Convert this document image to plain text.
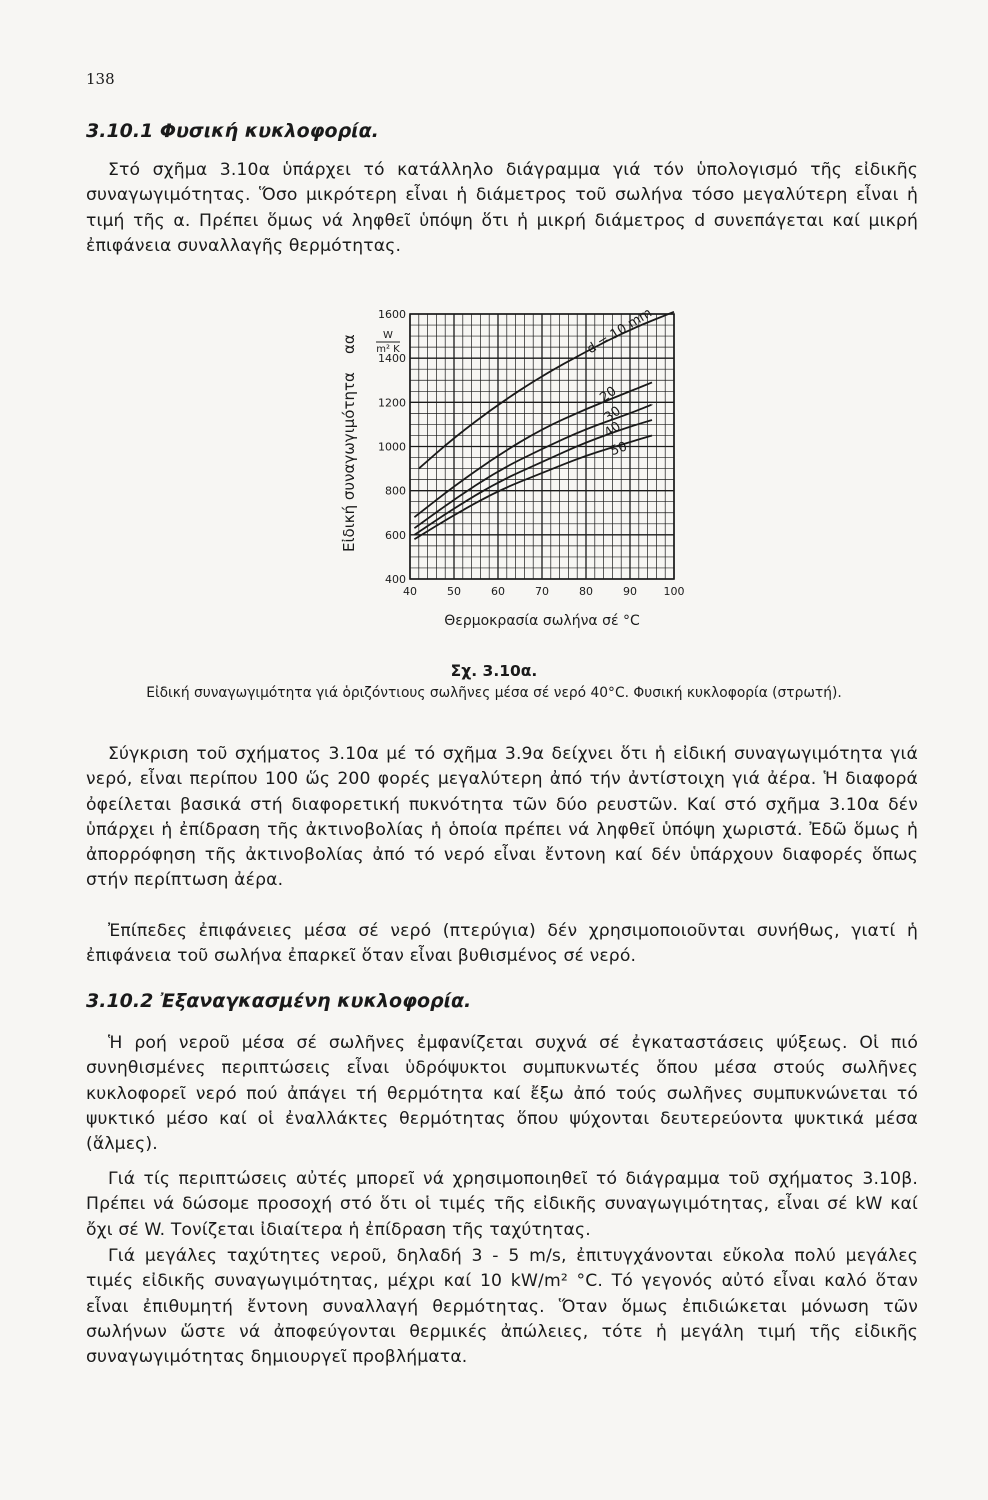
138
3.10.1 Φυσική κυκλοφορία.

Στό σχῆμα 3.10α ὑπάρχει τό κατάλληλο διάγραμμα γιά τόν ὑπολογισμό τῆς εἰδικῆς συναγωγιμότητας. Ὅσο μικρότερη εἶναι ἡ διάμετρος τοῦ σωλήνα τόσο μεγαλύτερη εἶναι ἡ τιμή τῆς α. Πρέπει ὅμως νά ληφθεῖ ὑπόψη ὅτι ἡ μικρή διάμετρος d συνεπάγεται καί μικρή ἐπιφάνεια συναλλαγῆς θερμότητας.

d = 10 mm
20
30
40
50
400
600
800
1000
1200
1400
1600
40	50	60	70	80	90 100
W
m² K
Εἰδική συναγωγιμότητα
αα
Θερμοκρασία σωλήνα σέ °C
Σχ. 3.10α.
Εἰδική συναγωγιμότητα γιά ὁριζόντιους σωλῆνες μέσα σέ νερό 40°C. Φυσική κυκλοφορία (στρωτή).

Σύγκριση τοῦ σχήματος 3.10α μέ τό σχῆμα 3.9α δείχνει ὅτι ἡ εἰδική συναγωγιμότητα γιά νερό, εἶναι περίπου 100 ὥς 200 φορές μεγαλύτερη ἀπό τήν ἀντίστοιχη γιά ἀέρα. Ἡ διαφορά ὀφείλεται βασικά στή διαφορετική πυκνότητα τῶν δύο ρευστῶν. Καί στό σχῆμα 3.10α δέν ὑπάρχει ἡ ἐπίδραση τῆς ἀκτινοβολίας ἡ ὁποία πρέπει νά ληφθεῖ ὑπόψη χωριστά. Ἐδῶ ὅμως ἡ ἀπορρόφηση τῆς ἀκτινοβολίας ἀπό τό νερό εἶναι ἔντονη καί δέν ὑπάρχουν διαφορές ὅπως στήν περίπτωση ἀέρα.

Ἐπίπεδες ἐπιφάνειες μέσα σέ νερό (πτερύγια) δέν χρησιμοποιοῦνται συνήθως, γιατί ἡ ἐπιφάνεια τοῦ σωλήνα ἐπαρκεῖ ὅταν εἶναι βυθισμένος σέ νερό.

3.10.2 Ἐξαναγκασμένη κυκλοφορία.

Ἡ ροή νεροῦ μέσα σέ σωλῆνες ἐμφανίζεται συχνά σέ ἐγκαταστάσεις ψύξεως. Οἱ πιό συνηθισμένες περιπτώσεις εἶναι ὑδρόψυκτοι συμπυκνωτές ὅπου μέσα στούς σωλῆνες κυκλοφορεῖ νερό πού ἀπάγει τή θερμότητα καί ἔξω ἀπό τούς σωλῆνες συμπυκνώνεται τό ψυκτικό μέσο καί οἱ ἐναλλάκτες θερμότητας ὅπου ψύχονται δευτερεύοντα ψυκτικά μέσα (ἅλμες).

Γιά τίς περιπτώσεις αὐτές μπορεῖ νά χρησιμοποιηθεῖ τό διάγραμμα τοῦ σχήματος 3.10β. Πρέπει νά δώσομε προσοχή στό ὅτι οἱ τιμές τῆς εἰδικῆς συναγωγιμότητας, εἶναι σέ kW καί ὄχι σέ W. Τονίζεται ἰδιαίτερα ἡ ἐπίδραση τῆς ταχύτητας.

Γιά μεγάλες ταχύτητες νεροῦ, δηλαδή 3 - 5 m/s, ἐπιτυγχάνονται εὔκολα πολύ μεγάλες τιμές εἰδικῆς συναγωγιμότητας, μέχρι καί 10 kW/m² °C. Τό γεγονός αὐτό εἶναι καλό ὅταν εἶναι ἐπιθυμητή ἔντονη συναλλαγή θερμότητας. Ὅταν ὅμως ἐπιδιώκεται μόνωση τῶν σωλήνων ὥστε νά ἀποφεύγονται θερμικές ἀπώλειες, τότε ἡ μεγάλη τιμή τῆς εἰδικῆς συναγωγιμότητας δημιουργεῖ προβλήματα.
